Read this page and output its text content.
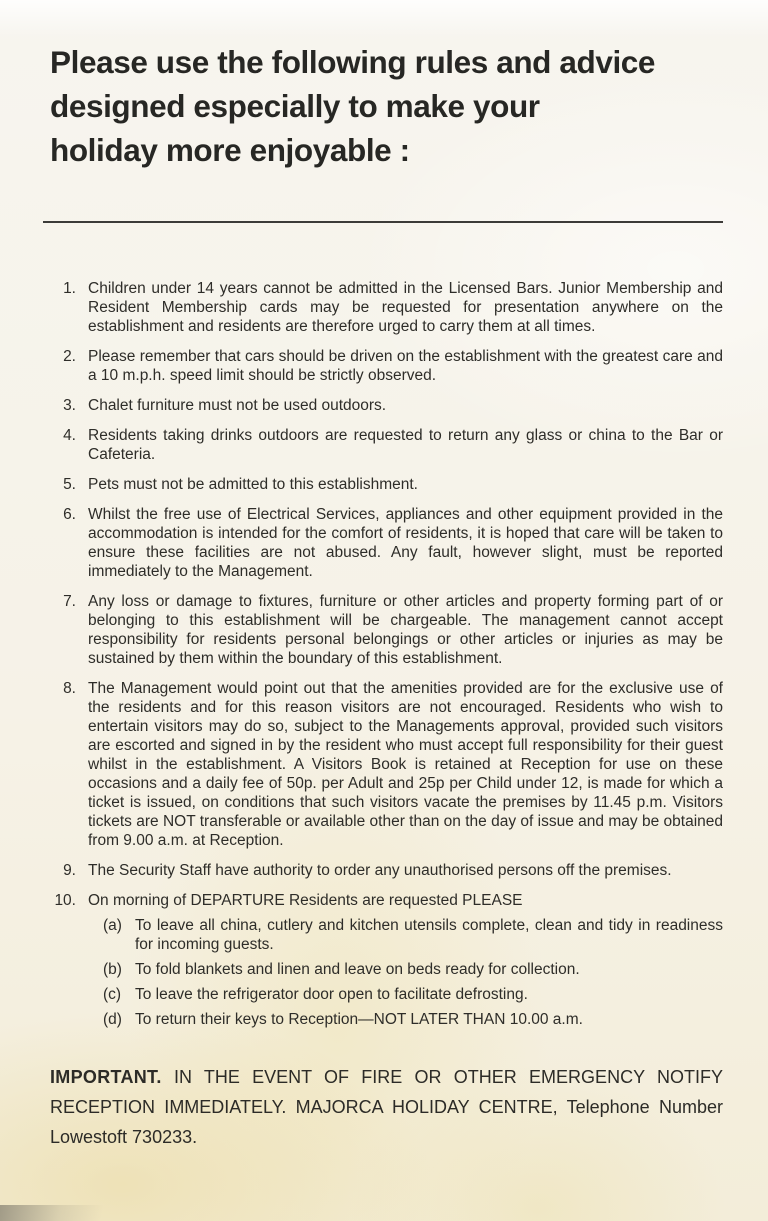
Please use the following rules and advice
designed especially to make your
holiday more enjoyable :
1. Children under 14 years cannot be admitted in the Licensed Bars. Junior Membership and Resident Membership cards may be requested for presentation anywhere on the establishment and residents are therefore urged to carry them at all times.
2. Please remember that cars should be driven on the establishment with the greatest care and a 10 m.p.h. speed limit should be strictly observed.
3. Chalet furniture must not be used outdoors.
4. Residents taking drinks outdoors are requested to return any glass or china to the Bar or Cafeteria.
5. Pets must not be admitted to this establishment.
6. Whilst the free use of Electrical Services, appliances and other equipment provided in the accommodation is intended for the comfort of residents, it is hoped that care will be taken to ensure these facilities are not abused. Any fault, however slight, must be reported immediately to the Management.
7. Any loss or damage to fixtures, furniture or other articles and property forming part of or belonging to this establishment will be chargeable. The management cannot accept responsibility for residents personal belongings or other articles or injuries as may be sustained by them within the boundary of this establishment.
8. The Management would point out that the amenities provided are for the exclusive use of the residents and for this reason visitors are not encouraged. Residents who wish to entertain visitors may do so, subject to the Managements approval, provided such visitors are escorted and signed in by the resident who must accept full responsibility for their guest whilst in the establishment. A Visitors Book is retained at Reception for use on these occasions and a daily fee of 50p. per Adult and 25p per Child under 12, is made for which a ticket is issued, on conditions that such visitors vacate the premises by 11.45 p.m. Visitors tickets are NOT transferable or available other than on the day of issue and may be obtained from 9.00 a.m. at Reception.
9. The Security Staff have authority to order any unauthorised persons off the premises.
10. On morning of DEPARTURE Residents are requested PLEASE
(a) To leave all china, cutlery and kitchen utensils complete, clean and tidy in readiness for incoming guests.
(b) To fold blankets and linen and leave on beds ready for collection.
(c) To leave the refrigerator door open to facilitate defrosting.
(d) To return their keys to Reception—NOT LATER THAN 10.00 a.m.
IMPORTANT. IN THE EVENT OF FIRE OR OTHER EMERGENCY NOTIFY RECEPTION IMMEDIATELY. MAJORCA HOLIDAY CENTRE, Telephone Number Lowestoft 730233.
